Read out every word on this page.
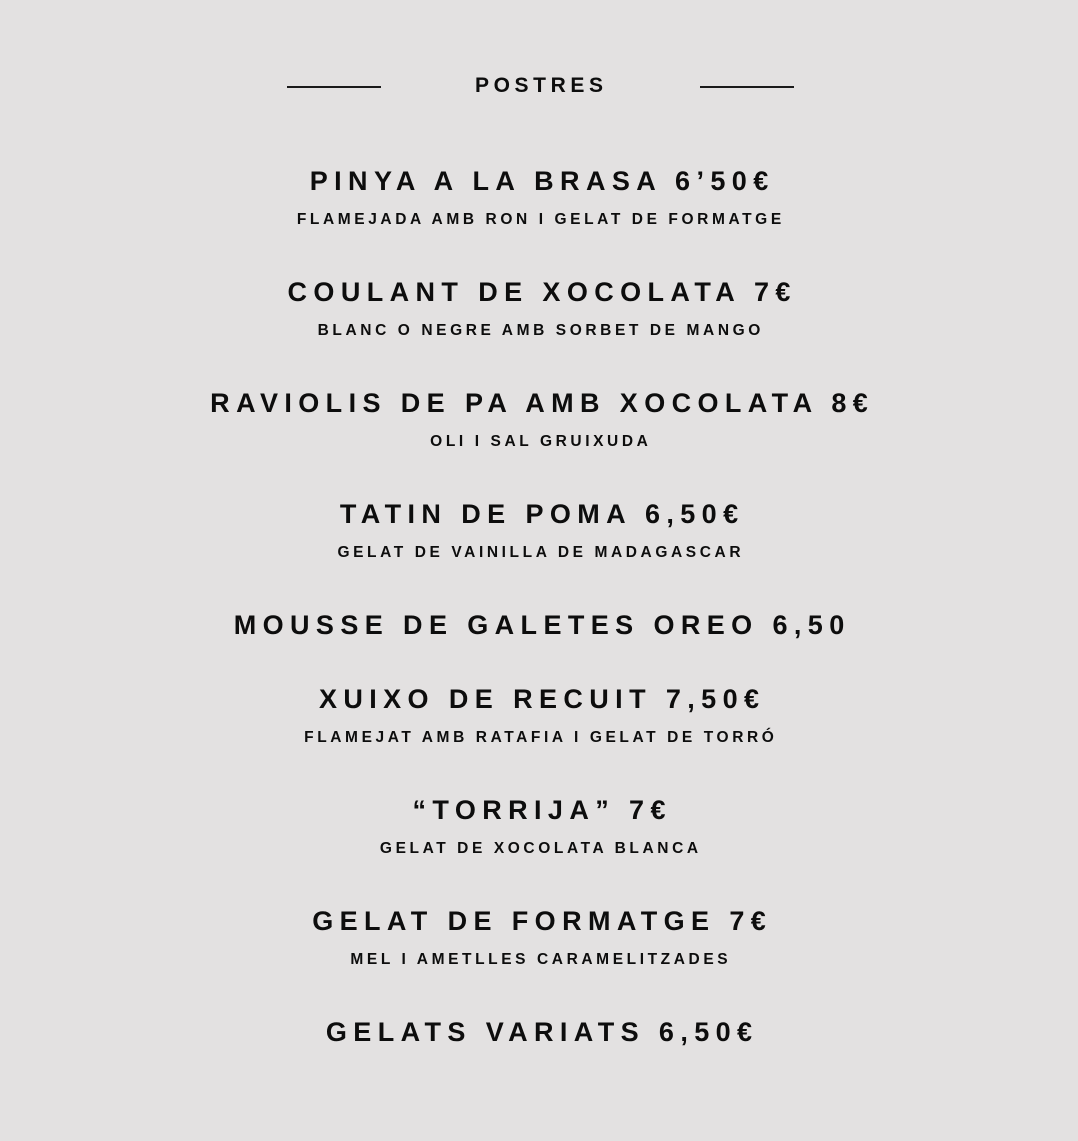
POSTRES
PINYA A LA BRASA 6’50€
FLAMEJADA AMB RON I GELAT DE FORMATGE
COULANT DE XOCOLATA 7€
BLANC O NEGRE AMB SORBET DE MANGO
RAVIOLIS DE PA AMB XOCOLATA 8€
OLI I SAL GRUIXUDA
TATIN DE POMA 6,50€
GELAT DE VAINILLA DE MADAGASCAR
MOUSSE DE GALETES OREO 6,50
XUIXO DE RECUIT 7,50€
FLAMEJAT AMB RATAFIA I GELAT DE TORRÓ
“TORRIJA” 7€
GELAT DE XOCOLATA BLANCA
GELAT DE FORMATGE 7€
MEL I AMETLLES CARAMELITZADES
GELATS VARIATS 6,50€
